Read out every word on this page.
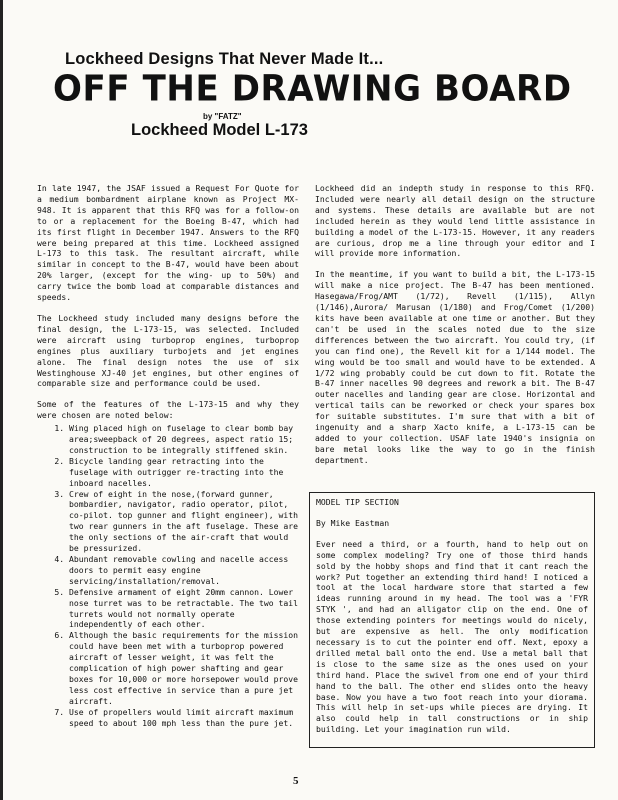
Lockheed Designs That Never Made It...
OFF THE DRAWING BOARD
by "FATZ"
Lockheed Model L-173

In late 1947, the JSAF issued a Request For Quote for a medium bombardment airplane known as Project MX-948. It is apparent that this RFQ was for a follow-on to or a replacement for the Boeing B-47, which had its first flight in December 1947. Answers to the RFQ were being prepared at this time. Lockheed assigned L-173 to this task. The resultant aircraft, while similar in concept to the B-47, would have been about 20% larger, (except for the wing- up to 50%) and carry twice the bomb load at comparable distances and speeds.

The Lockheed study included many designs before the final design, the L-173-15, was selected. Included were aircraft using turboprop engines, turboprop engines plus auxiliary turbojets and jet engines alone. The final design notes the use of six Westinghouse XJ-40 jet engines, but other engines of comparable size and performance could be used.

Some of the features of the L-173-15 and why they were chosen are noted below:

1. Wing placed high on fuselage to clear bomb bay area;sweepback of 20 degrees, aspect ratio 15; construction to be integrally stiffened skin.
2. Bicycle landing gear retracting into the fuselage with outrigger re-tracting into the inboard nacelles.
3. Crew of eight in the nose,(forward gunner, bombardier, navigator, radio operator, pilot, co-pilot. top gunner and flight engineer), with two rear gunners in the aft fuselage. These are the only sections of the air-craft that would be pressurized.
4. Abundant removable cowling and nacelle access doors to permit easy engine servicing/installation/removal.
5. Defensive armament of eight 20mm cannon. Lower nose turret was to be retractable. The two tail turrets would not normally operate independently of each other.
6. Although the basic requirements for the mission could have been met with a turboprop powered aircraft of lesser weight, it was felt the complication of high power shafting and gear boxes for 10,000 or more horsepower would prove less cost effective in service than a pure jet aircraft.
7. Use of propellers would limit aircraft maximum speed to about 100 mph less than the pure jet.

Lockheed did an indepth study in response to this RFQ. Included were nearly all detail design on the structure and systems. These details are available but are not included herein as they would lend little assistance in building a model of the L-173-15. However, it any readers are curious, drop me a line through your editor and I will provide more information.

In the meantime, if you want to build a bit, the L-173-15 will make a nice project. The B-47 has been mentioned. Hasegawa/Frog/AMT (1/72), Revell (1/115), Allyn (1/146),Aurora/ Marusan (1/180) and Frog/Comet (1/200) kits have been available at one time or another. But they can't be used in the scales noted due to the size differences between the two aircraft. You could try, (if you can find one), the Revell kit for a 1/144 model. The wing would be too small and would have to be extended. A 1/72 wing probably could be cut down to fit. Rotate the B-47 inner nacelles 90 degrees and rework a bit. The B-47 outer nacelles and landing gear are close. Horizontal and vertical tails can be reworked or check your spares box for suitable substitutes. I'm sure that with a bit of ingenuity and a sharp Xacto knife, a L-173-15 can be added to your collection. USAF late 1940's insignia on bare metal looks like the way to go in the finish department.

MODEL TIP SECTION
By Mike Eastman

Ever need a third, or a fourth, hand to help out on some complex modeling? Try one of those third hands sold by the hobby shops and find that it cant reach the work? Put together an extending third hand! I noticed a tool at the local hardware store that started a few ideas running around in my head. The tool was a 'FYR STYK ', and had an alligator clip on the end. One of those extending pointers for meetings would do nicely, but are expensive as hell. The only modification necessary is to cut the pointer end off. Next, epoxy a drilled metal ball onto the end. Use a metal ball that is close to the same size as the ones used on your third hand. Place the swivel from one end of your third hand to the ball. The other end slides onto the heavy base. Now you have a two foot reach into your diorama. This will help in set-ups while pieces are drying. It also could help in tall constructions or in ship building. Let your imagination run wild.

5
